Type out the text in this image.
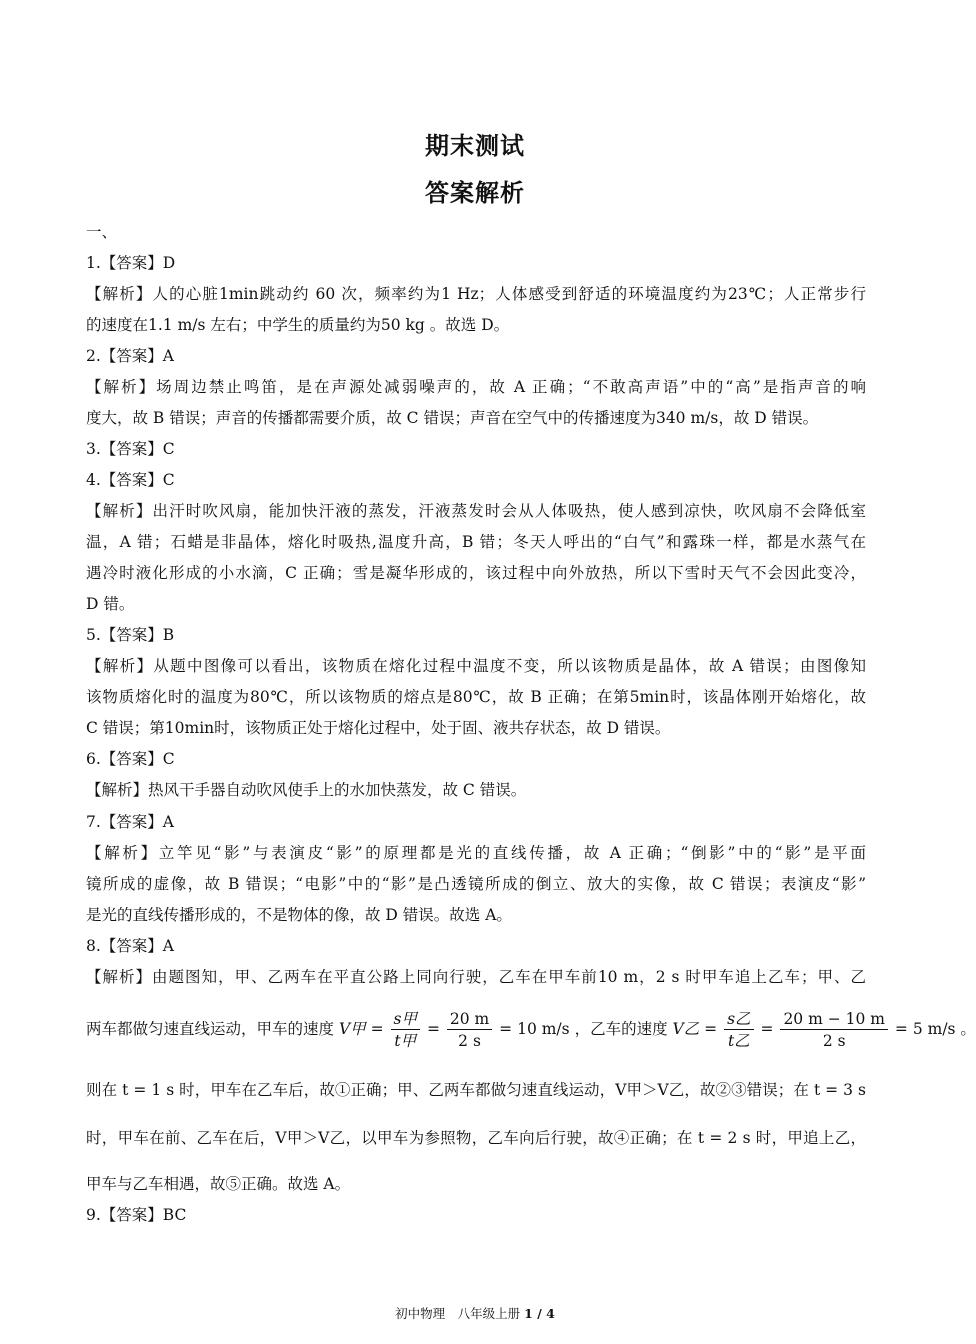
期末测试
答案解析
一、
1.【答案】D
【解析】人的心脏1min跳动约 60 次，频率约为1 Hz；人体感受到舒适的环境温度约为23℃；人正常步行
的速度在1.1 m/s 左右；中学生的质量约为50 kg 。故选 D。
2.【答案】A
【解析】场周边禁止鸣笛，是在声源处减弱噪声的，故 A 正确；“不敢高声语”中的“高”是指声音的响
度大，故 B 错误；声音的传播都需要介质，故 C 错误；声音在空气中的传播速度为340 m/s，故 D 错误。
3.【答案】C
4.【答案】C
【解析】出汗时吹风扇，能加快汗液的蒸发，汗液蒸发时会从人体吸热，使人感到凉快，吹风扇不会降低室
温，A 错；石蜡是非晶体，熔化时吸热,温度升高，B 错；冬天人呼出的“白气”和露珠一样，都是水蒸气在
遇冷时液化形成的小水滴，C 正确；雪是凝华形成的，该过程中向外放热，所以下雪时天气不会因此变冷，
D 错。
5.【答案】B
【解析】从题中图像可以看出，该物质在熔化过程中温度不变，所以该物质是晶体，故 A 错误；由图像知
该物质熔化时的温度为80℃，所以该物质的熔点是80℃，故 B 正确；在第5min时，该晶体刚开始熔化，故
C 错误；第10min时，该物质正处于熔化过程中，处于固、液共存状态，故 D 错误。
6.【答案】C
【解析】热风干手器自动吹风使手上的水加快蒸发，故 C 错误。
7.【答案】A
【解析】立竿见“影”与表演皮“影”的原理都是光的直线传播，故 A 正确；“倒影”中的“影”是平面
镜所成的虚像，故 B 错误；“电影”中的“影”是凸透镜所成的倒立、放大的实像，故 C 错误；表演皮“影”
是光的直线传播形成的，不是物体的像，故 D 错误。故选 A。
8.【答案】A
【解析】由题图知，甲、乙两车在平直公路上同向行驶，乙车在甲车前10 m，2 s 时甲车追上乙车；甲、乙
两车都做匀速直线运动，甲车的速度 V甲 = $\frac{\text{s甲}}{\text{t甲}} = \frac{20 m}{2 s} = 10$ m/s ，乙车的速度 V乙 = $\frac{\text{s乙}}{\text{t乙}} = \frac{20 m - 10 m}{2 s} = 5$ m/s 。
则在 t = 1 s 时，甲车在乙车后，故①正确；甲、乙两车都做匀速直线运动，V甲＞V乙，故②③错误；在 t = 3 s
时，甲车在前、乙车在后，V甲＞V乙，以甲车为参照物，乙车向后行驶，故④正确；在 t = 2 s 时，甲追上乙，
甲车与乙车相遇，故⑤正确。故选 A。
9.【答案】BC
初中物理　八年级上册 1 / 4
